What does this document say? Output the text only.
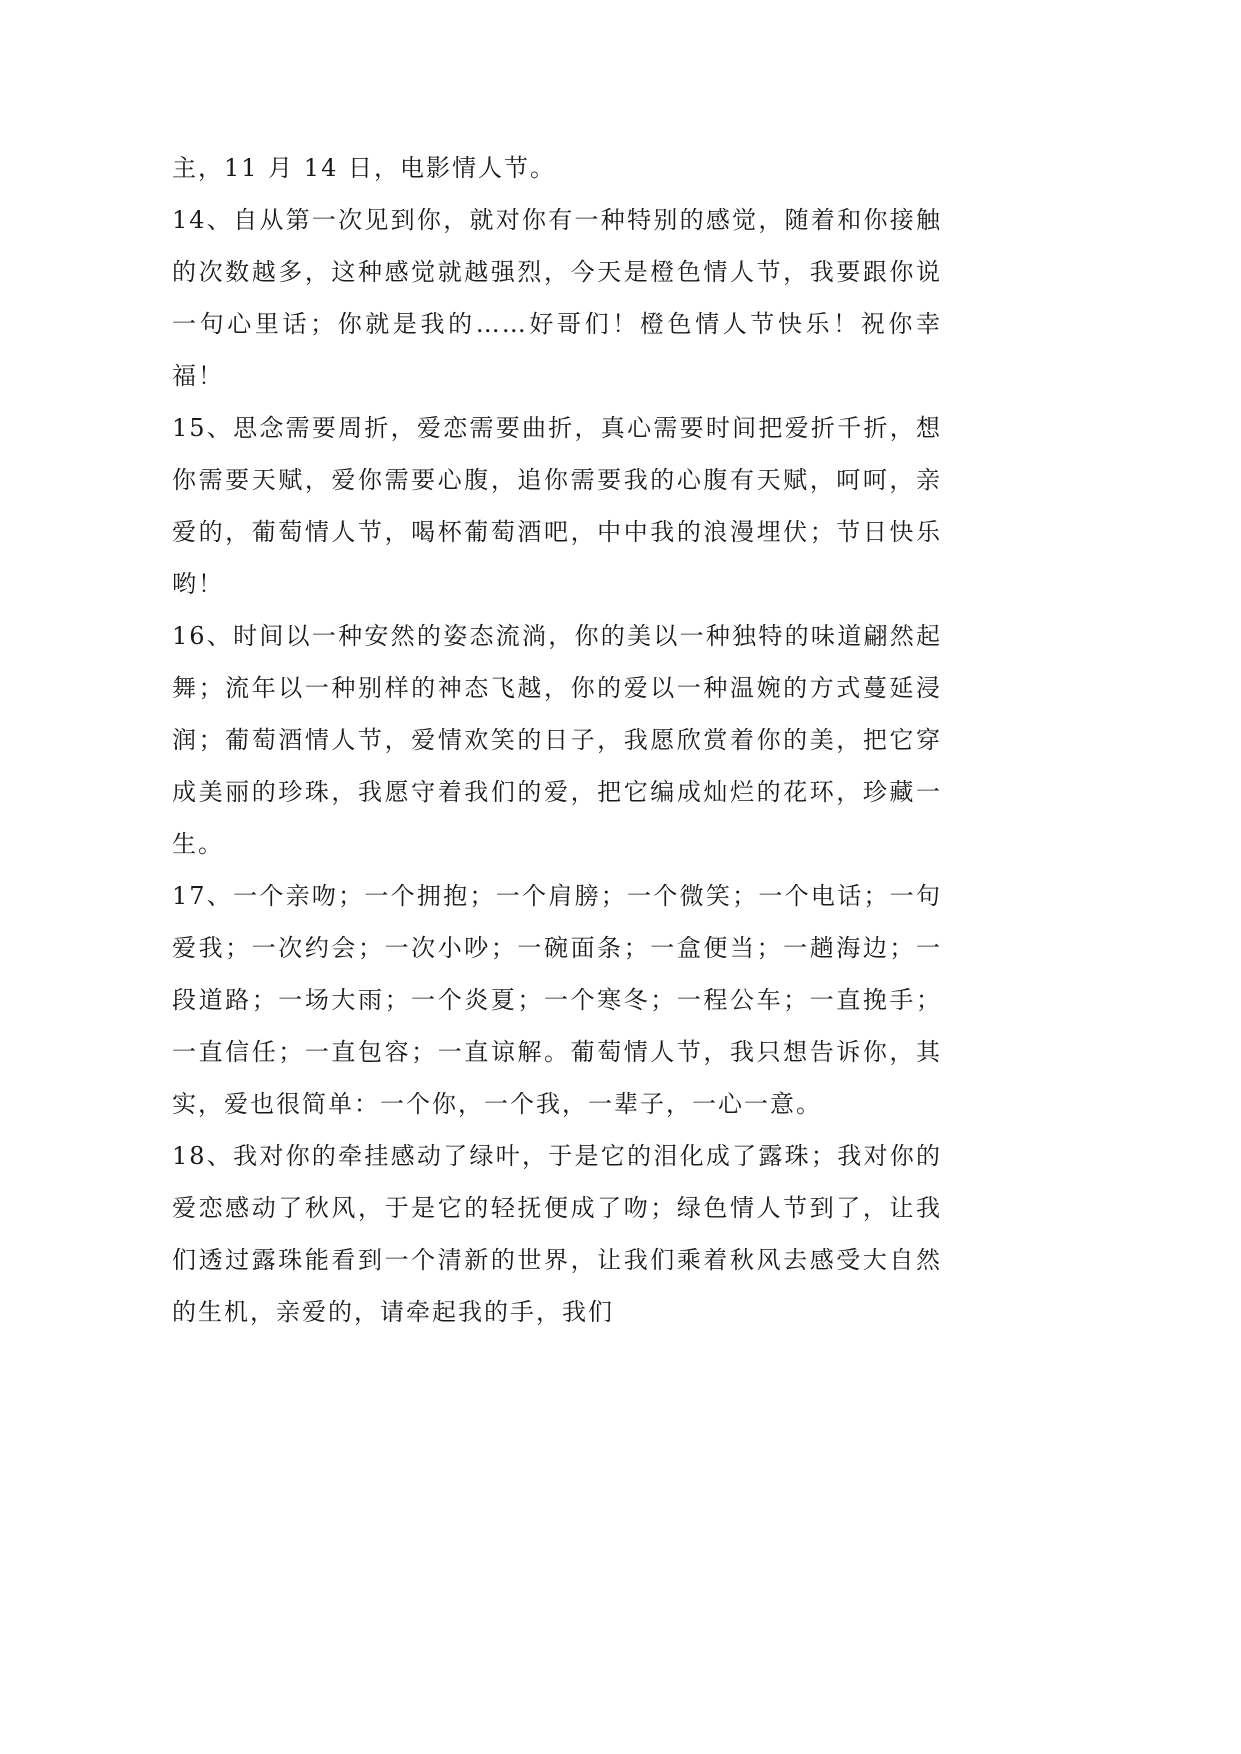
主，11 月 14 日，电影情人节。

14、自从第一次见到你，就对你有一种特别的感觉，随着和你接触的次数越多，这种感觉就越强烈，今天是橙色情人节，我要跟你说一句心里话；你就是我的……好哥们！橙色情人节快乐！祝你幸福！

15、思念需要周折，爱恋需要曲折，真心需要时间把爱折千折，想你需要天赋，爱你需要心腹，追你需要我的心腹有天赋，呵呵，亲爱的，葡萄情人节，喝杯葡萄酒吧，中中我的浪漫埋伏；节日快乐哟！

16、时间以一种安然的姿态流淌，你的美以一种独特的味道翩然起舞；流年以一种别样的神态飞越，你的爱以一种温婉的方式蔓延浸润；葡萄酒情人节，爱情欢笑的日子，我愿欣赏着你的美，把它穿成美丽的珍珠，我愿守着我们的爱，把它编成灿烂的花环，珍藏一生。

17、一个亲吻；一个拥抱；一个肩膀；一个微笑；一个电话；一句爱我；一次约会；一次小吵；一碗面条；一盒便当；一趟海边；一段道路；一场大雨；一个炎夏；一个寒冬；一程公车；一直挽手；一直信任；一直包容；一直谅解。葡萄情人节，我只想告诉你，其实，爱也很简单：一个你，一个我，一辈子，一心一意。

18、我对你的牵挂感动了绿叶，于是它的泪化成了露珠；我对你的爱恋感动了秋风，于是它的轻抚便成了吻；绿色情人节到了，让我们透过露珠能看到一个清新的世界，让我们乘着秋风去感受大自然的生机，亲爱的，请牵起我的手，我们
